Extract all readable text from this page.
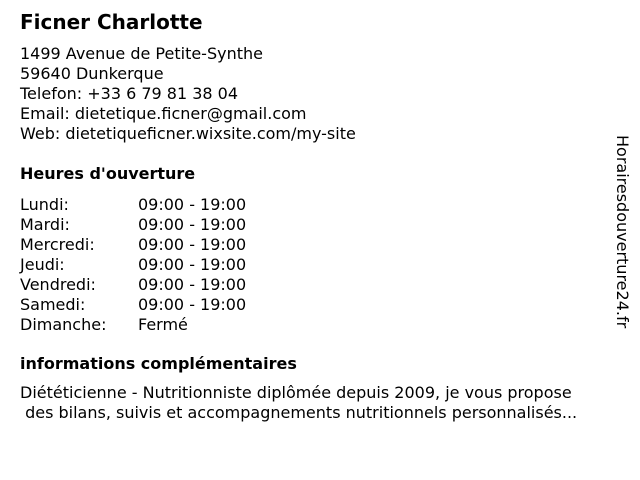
Ficner Charlotte
1499 Avenue de Petite-Synthe
59640 Dunkerque
Telefon: +33 6 79 81 38 04
Email: dietetique.ficner@gmail.com
Web: dietetiqueficner.wixsite.com/my-site
Heures d'ouverture
Lundi:	09:00 - 19:00
Mardi:	09:00 - 19:00
Mercredi:	09:00 - 19:00
Jeudi:	09:00 - 19:00
Vendredi:	09:00 - 19:00
Samedi:	09:00 - 19:00
Dimanche:	Fermé
informations complémentaires
Diététicienne - Nutritionniste diplômée depuis 2009, je vous propose
des bilans, suivis et accompagnements nutritionnels personnalisés...
Horairesdouverture24.fr
